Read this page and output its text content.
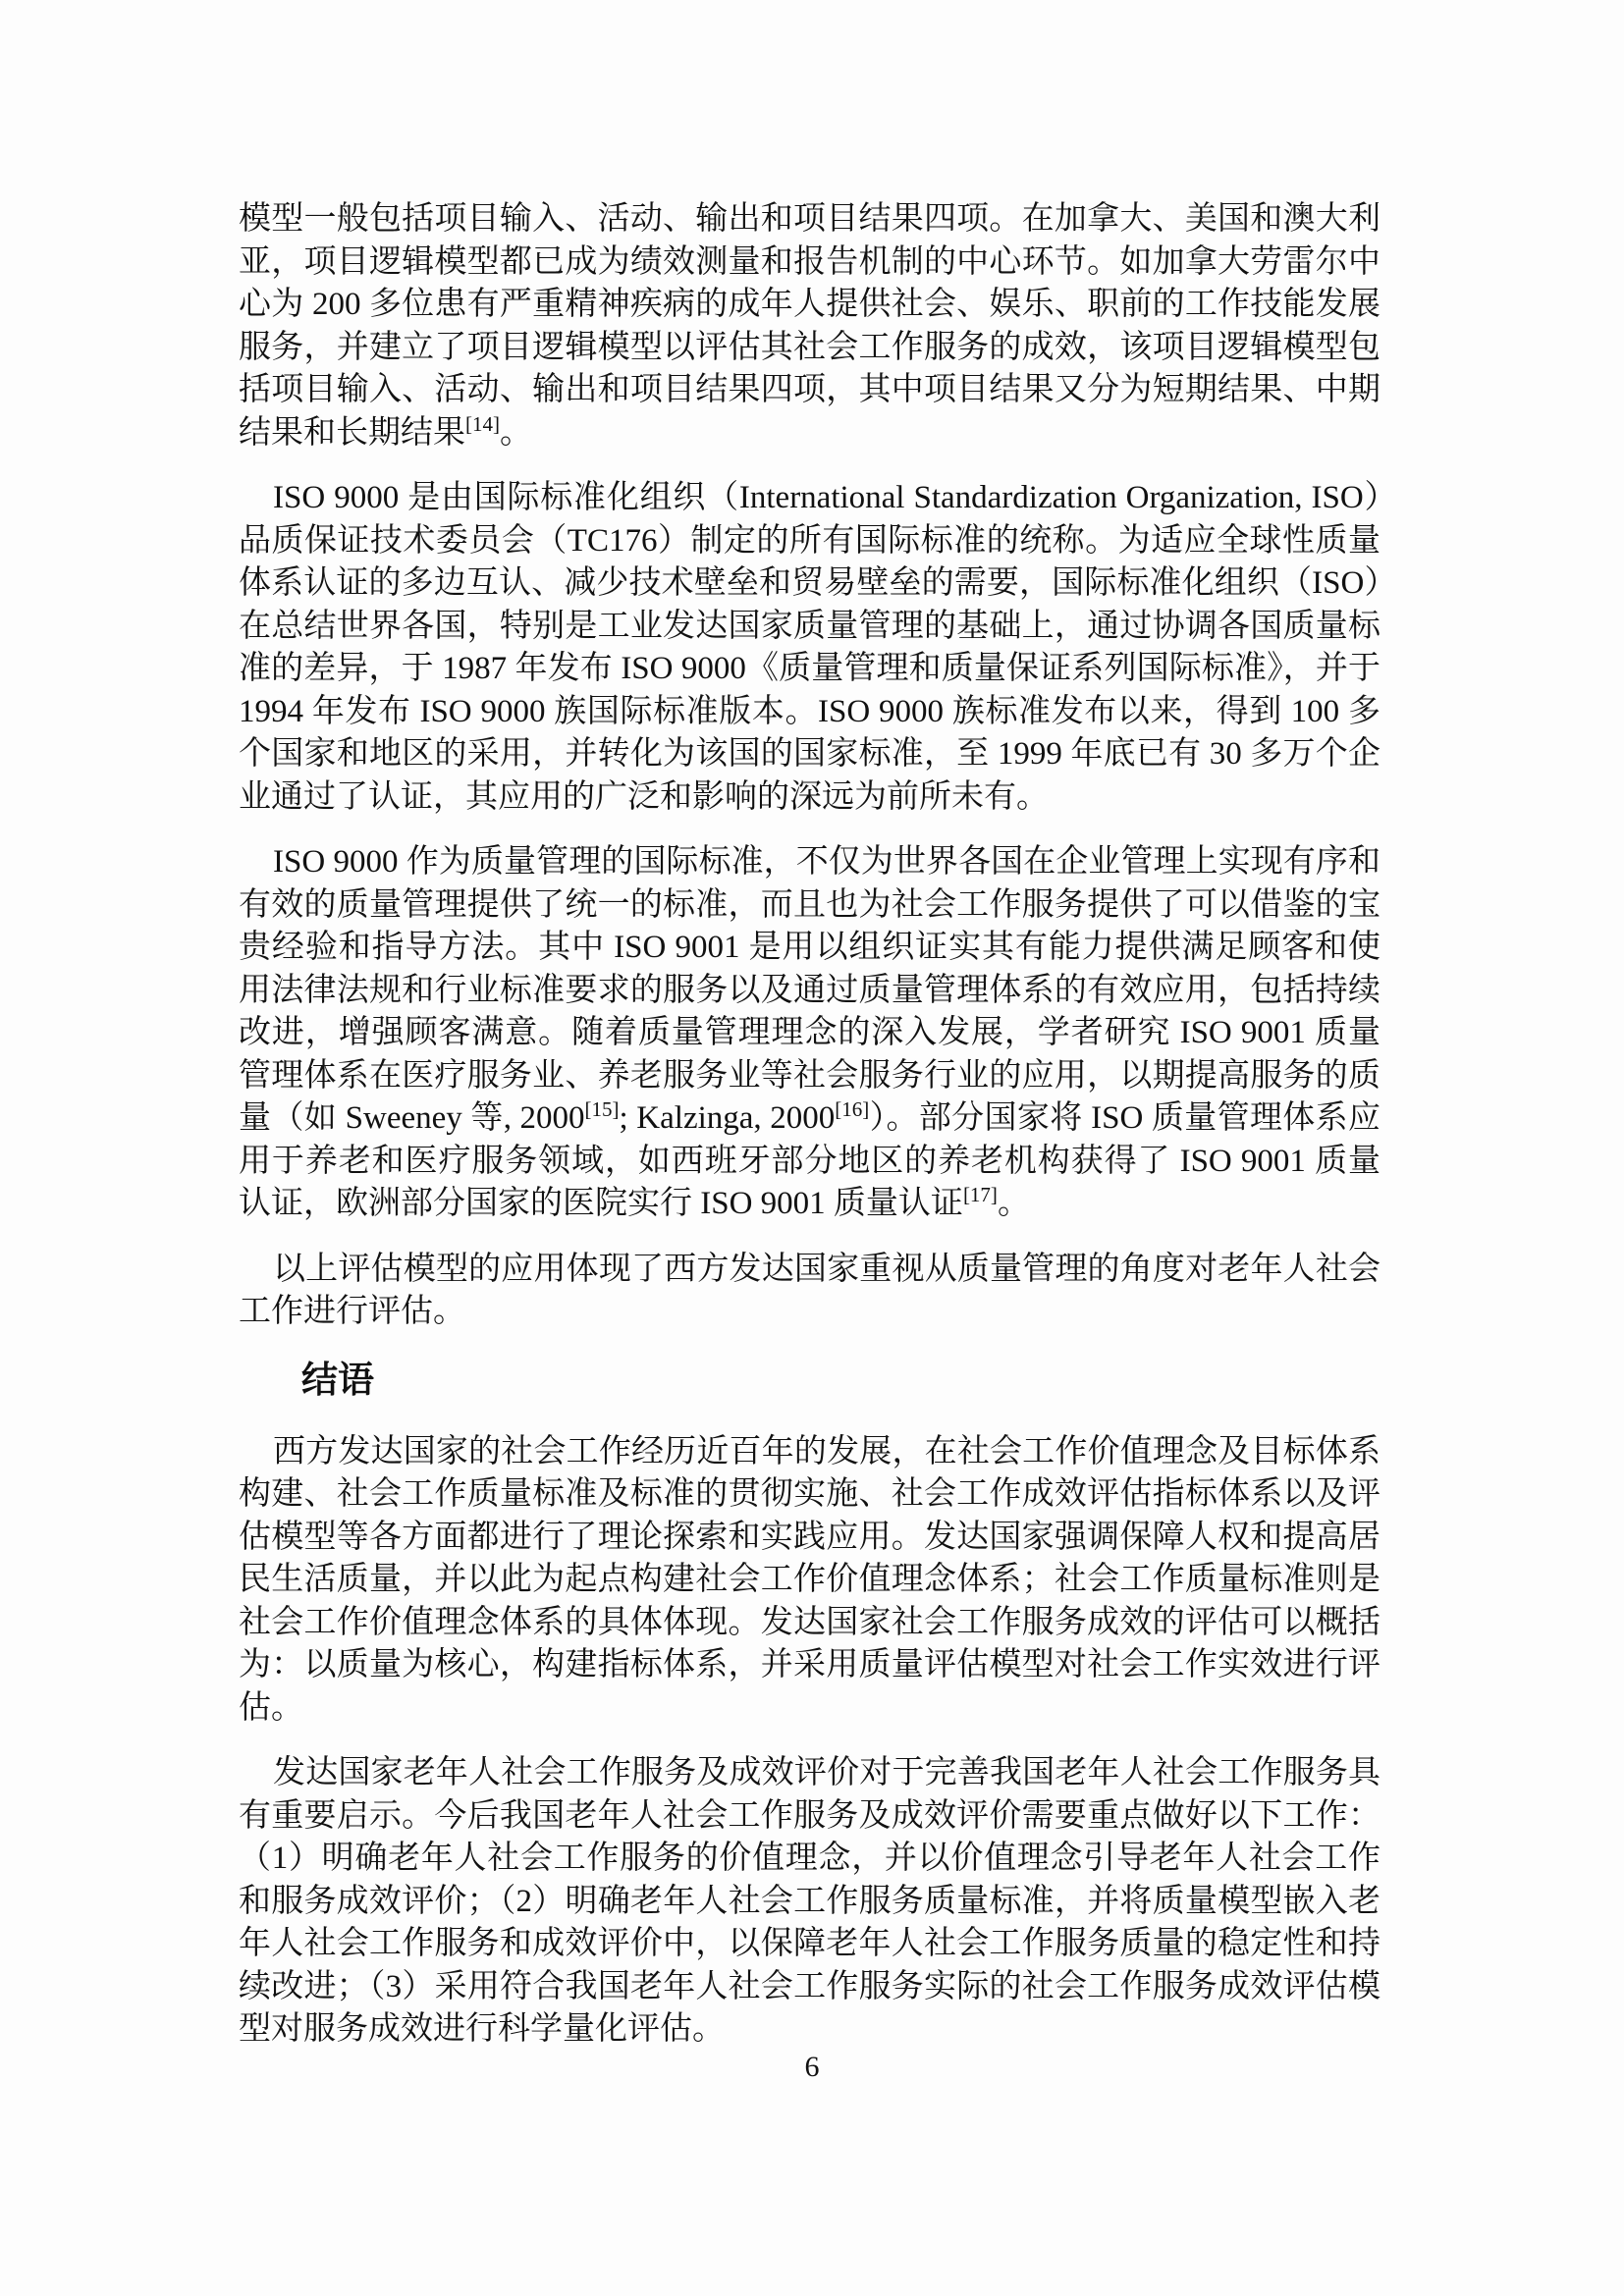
模型一般包括项目输入、活动、输出和项目结果四项。在加拿大、美国和澳大利亚，项目逻辑模型都已成为绩效测量和报告机制的中心环节。如加拿大劳雷尔中心为 200 多位患有严重精神疾病的成年人提供社会、娱乐、职前的工作技能发展服务，并建立了项目逻辑模型以评估其社会工作服务的成效，该项目逻辑模型包括项目输入、活动、输出和项目结果四项，其中项目结果又分为短期结果、中期结果和长期结果[14]。

ISO 9000 是由国际标准化组织（International Standardization Organization, ISO）品质保证技术委员会（TC176）制定的所有国际标准的统称。为适应全球性质量体系认证的多边互认、减少技术壁垒和贸易壁垒的需要，国际标准化组织（ISO）在总结世界各国，特别是工业发达国家质量管理的基础上，通过协调各国质量标准的差异，于 1987 年发布 ISO 9000《质量管理和质量保证系列国际标准》，并于 1994 年发布 ISO 9000 族国际标准版本。ISO 9000 族标准发布以来，得到 100 多个国家和地区的采用，并转化为该国的国家标准，至 1999 年底已有 30 多万个企业通过了认证，其应用的广泛和影响的深远为前所未有。

ISO 9000 作为质量管理的国际标准，不仅为世界各国在企业管理上实现有序和有效的质量管理提供了统一的标准，而且也为社会工作服务提供了可以借鉴的宝贵经验和指导方法。其中 ISO 9001 是用以组织证实其有能力提供满足顾客和使用法律法规和行业标准要求的服务以及通过质量管理体系的有效应用，包括持续改进，增强顾客满意。随着质量管理理念的深入发展，学者研究 ISO 9001 质量管理体系在医疗服务业、养老服务业等社会服务行业的应用，以期提高服务的质量（如 Sweeney 等, 2000[15]; Kalzinga, 2000[16]）。部分国家将 ISO 质量管理体系应用于养老和医疗服务领域，如西班牙部分地区的养老机构获得了 ISO 9001 质量认证，欧洲部分国家的医院实行 ISO 9001 质量认证[17]。

以上评估模型的应用体现了西方发达国家重视从质量管理的角度对老年人社会工作进行评估。

结语

西方发达国家的社会工作经历近百年的发展，在社会工作价值理念及目标体系构建、社会工作质量标准及标准的贯彻实施、社会工作成效评估指标体系以及评估模型等各方面都进行了理论探索和实践应用。发达国家强调保障人权和提高居民生活质量，并以此为起点构建社会工作价值理念体系；社会工作质量标准则是社会工作价值理念体系的具体体现。发达国家社会工作服务成效的评估可以概括为：以质量为核心，构建指标体系，并采用质量评估模型对社会工作实效进行评估。

发达国家老年人社会工作服务及成效评价对于完善我国老年人社会工作服务具有重要启示。今后我国老年人社会工作服务及成效评价需要重点做好以下工作：（1）明确老年人社会工作服务的价值理念，并以价值理念引导老年人社会工作和服务成效评价；（2）明确老年人社会工作服务质量标准，并将质量模型嵌入老年人社会工作服务和成效评价中，以保障老年人社会工作服务质量的稳定性和持续改进；（3）采用符合我国老年人社会工作服务实际的社会工作服务成效评估模型对服务成效进行科学量化评估。

6
